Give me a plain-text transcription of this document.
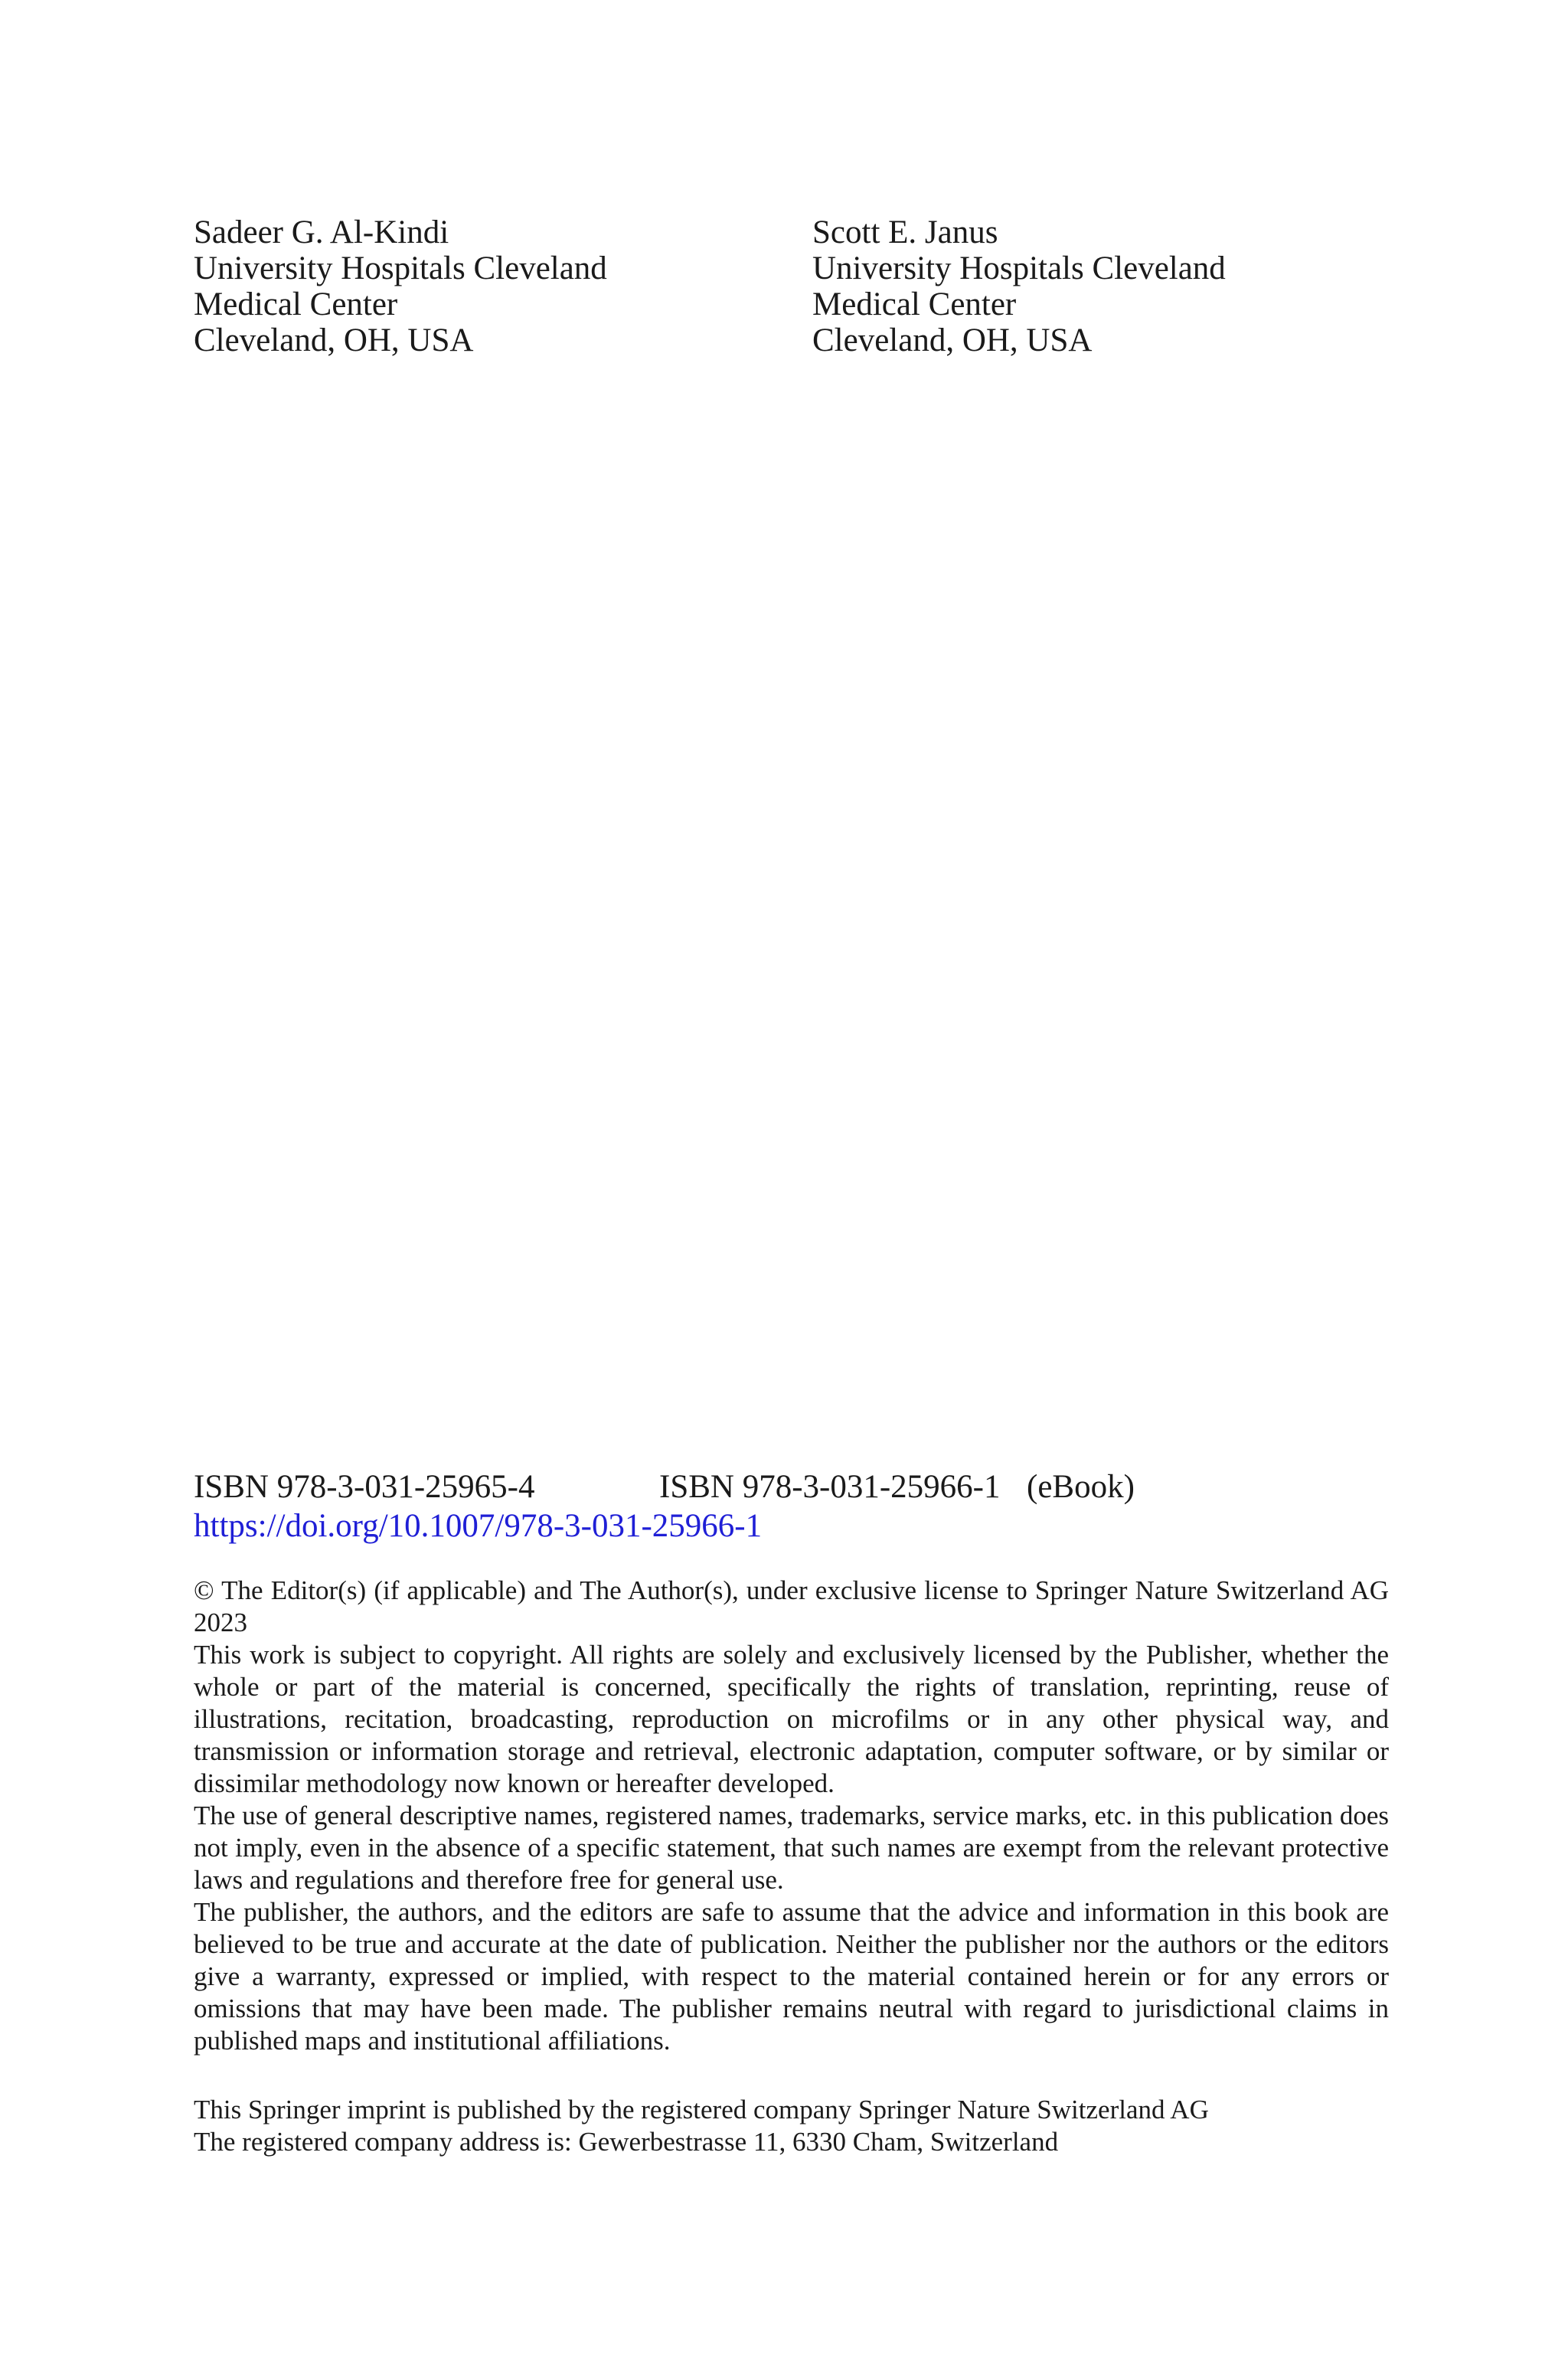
Sadeer G. Al-Kindi
University Hospitals Cleveland
Medical Center
Cleveland, OH, USA
Scott E. Janus
University Hospitals Cleveland
Medical Center
Cleveland, OH, USA
ISBN 978-3-031-25965-4	ISBN 978-3-031-25966-1 (eBook)
https://doi.org/10.1007/978-3-031-25966-1

© The Editor(s) (if applicable) and The Author(s), under exclusive license to Springer Nature Switzerland AG 2023

This work is subject to copyright. All rights are solely and exclusively licensed by the Publisher, whether the whole or part of the material is concerned, specifically the rights of translation, reprinting, reuse of illustrations, recitation, broadcasting, reproduction on microfilms or in any other physical way, and transmission or information storage and retrieval, electronic adaptation, computer software, or by similar or dissimilar methodology now known or hereafter developed.

The use of general descriptive names, registered names, trademarks, service marks, etc. in this publication does not imply, even in the absence of a specific statement, that such names are exempt from the relevant protective laws and regulations and therefore free for general use.

The publisher, the authors, and the editors are safe to assume that the advice and information in this book are believed to be true and accurate at the date of publication. Neither the publisher nor the authors or the editors give a warranty, expressed or implied, with respect to the material contained herein or for any errors or omissions that may have been made. The publisher remains neutral with regard to jurisdictional claims in published maps and institutional affiliations.

This Springer imprint is published by the registered company Springer Nature Switzerland AG

The registered company address is: Gewerbestrasse 11, 6330 Cham, Switzerland
